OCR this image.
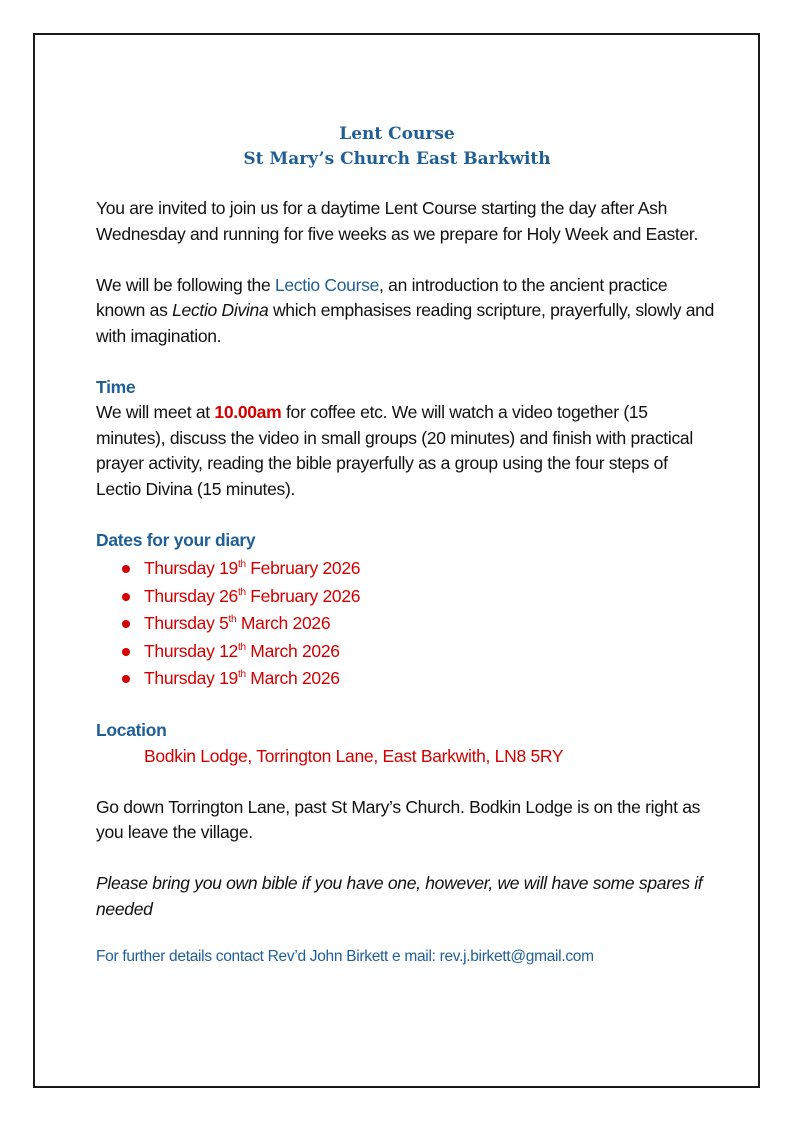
Lent Course
St Mary’s Church East Barkwith

You are invited to join us for a daytime Lent Course starting the day after Ash Wednesday and running for five weeks as we prepare for Holy Week and Easter.

We will be following the Lectio Course, an introduction to the ancient practice known as Lectio Divina which emphasises reading scripture, prayerfully, slowly and with imagination.

Time

We will meet at 10.00am for coffee etc. We will watch a video together (15 minutes), discuss the video in small groups (20 minutes) and finish with practical prayer activity, reading the bible prayerfully as a group using the four steps of Lectio Divina (15 minutes).

Dates for your diary

Thursday 19th February 2026
Thursday 26th February 2026
Thursday 5th March 2026
Thursday 12th March 2026
Thursday 19th March 2026

Location

Bodkin Lodge, Torrington Lane, East Barkwith, LN8 5RY

Go down Torrington Lane, past St Mary’s Church. Bodkin Lodge is on the right as you leave the village.

Please bring you own bible if you have one, however, we will have some spares if needed

For further details contact Rev’d John Birkett e mail: rev.j.birkett@gmail.com
